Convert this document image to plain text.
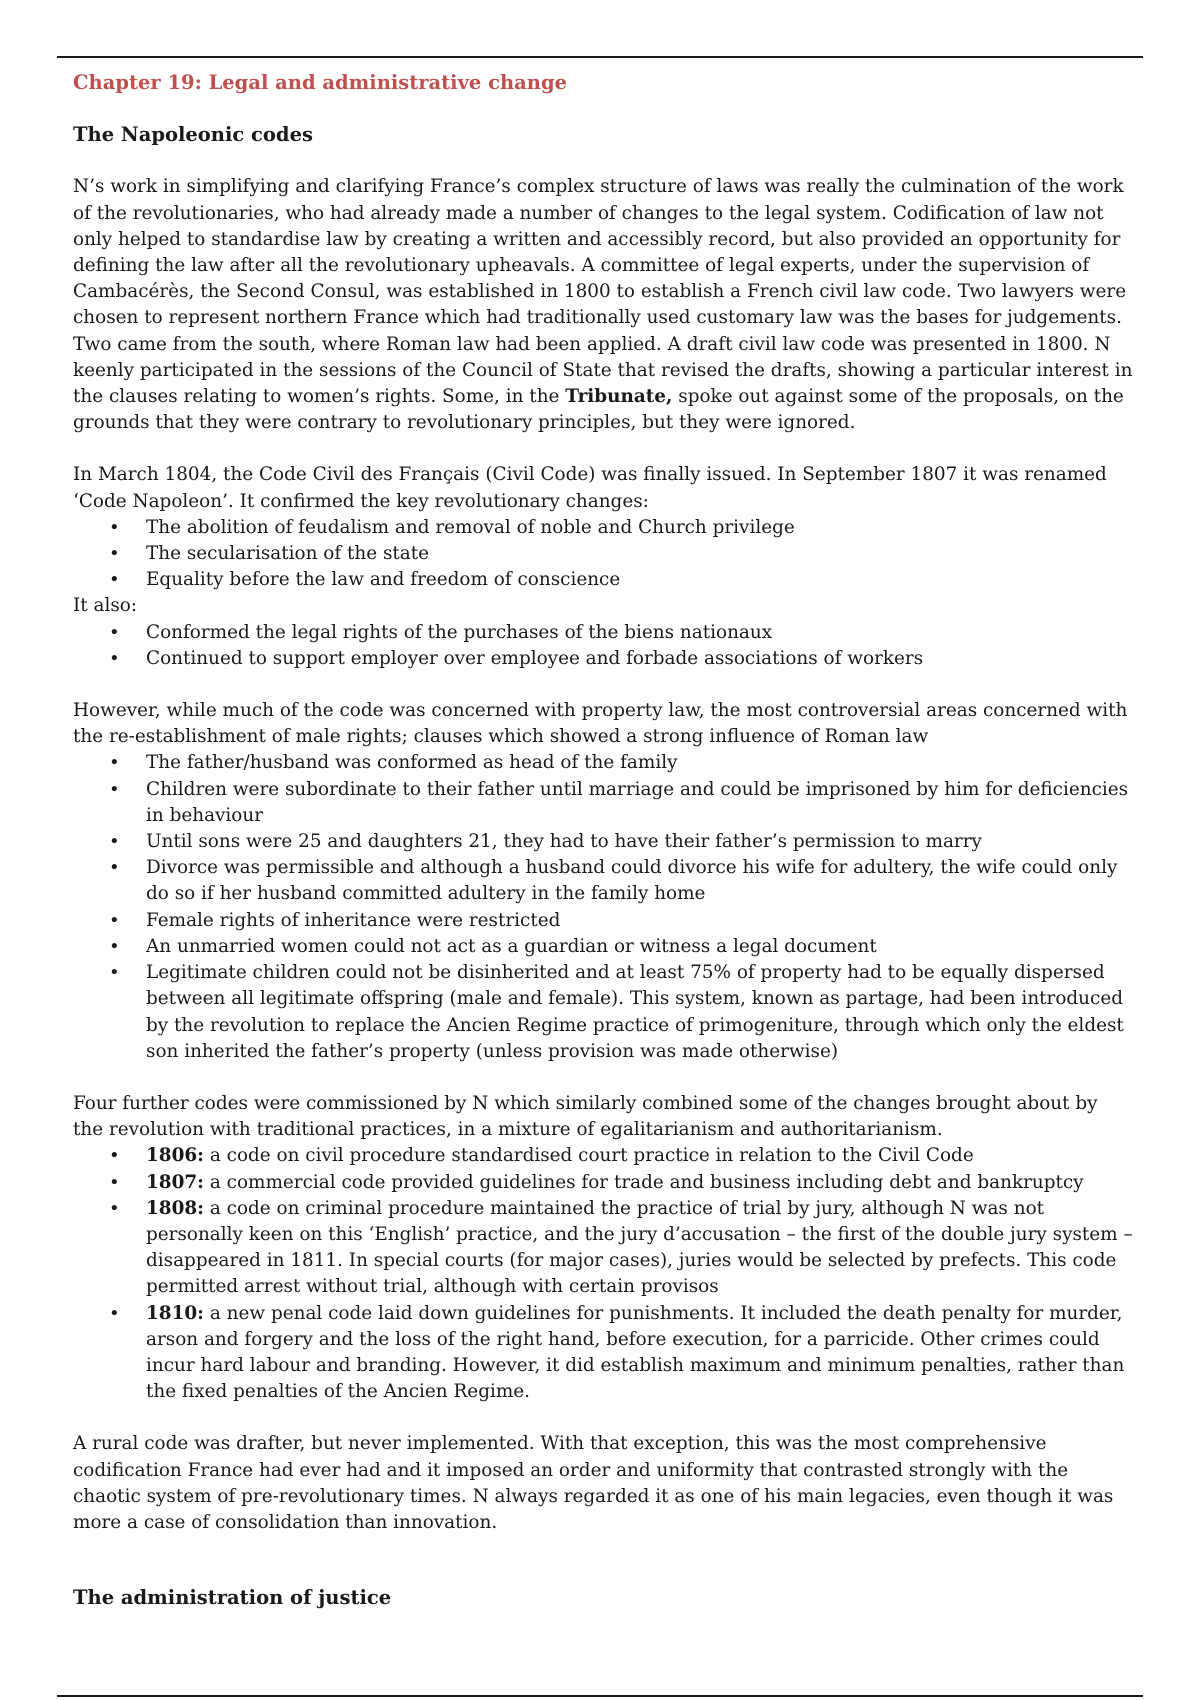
Chapter 19: Legal and administrative change
The Napoleonic codes

N’s work in simplifying and clarifying France’s complex structure of laws was really the culmination of the work of the revolutionaries, who had already made a number of changes to the legal system. Codification of law not only helped to standardise law by creating a written and accessibly record, but also provided an opportunity for defining the law after all the revolutionary upheavals. A committee of legal experts, under the supervision of Cambacérès, the Second Consul, was established in 1800 to establish a French civil law code. Two lawyers were chosen to represent northern France which had traditionally used customary law was the bases for judgements. Two came from the south, where Roman law had been applied. A draft civil law code was presented in 1800. N keenly participated in the sessions of the Council of State that revised the drafts, showing a particular interest in the clauses relating to women’s rights. Some, in the Tribunate, spoke out against some of the proposals, on the grounds that they were contrary to revolutionary principles, but they were ignored.

In March 1804, the Code Civil des Français (Civil Code) was finally issued. In September 1807 it was renamed ‘Code Napoleon’. It confirmed the key revolutionary changes:

• The abolition of feudalism and removal of noble and Church privilege
• The secularisation of the state
• Equality before the law and freedom of conscience

It also:

• Conformed the legal rights of the purchases of the biens nationaux
• Continued to support employer over employee and forbade associations of workers

However, while much of the code was concerned with property law, the most controversial areas concerned with the re-establishment of male rights; clauses which showed a strong influence of Roman law

• The father/husband was conformed as head of the family
• Children were subordinate to their father until marriage and could be imprisoned by him for deficiencies in behaviour
• Until sons were 25 and daughters 21, they had to have their father’s permission to marry
• Divorce was permissible and although a husband could divorce his wife for adultery, the wife could only do so if her husband committed adultery in the family home
• Female rights of inheritance were restricted
• An unmarried women could not act as a guardian or witness a legal document
• Legitimate children could not be disinherited and at least 75% of property had to be equally dispersed between all legitimate offspring (male and female). This system, known as partage, had been introduced by the revolution to replace the Ancien Regime practice of primogeniture, through which only the eldest son inherited the father’s property (unless provision was made otherwise)

Four further codes were commissioned by N which similarly combined some of the changes brought about by the revolution with traditional practices, in a mixture of egalitarianism and authoritarianism.

• 1806: a code on civil procedure standardised court practice in relation to the Civil Code
• 1807: a commercial code provided guidelines for trade and business including debt and bankruptcy
• 1808: a code on criminal procedure maintained the practice of trial by jury, although N was not personally keen on this ‘English’ practice, and the jury d’accusation – the first of the double jury system – disappeared in 1811. In special courts (for major cases), juries would be selected by prefects. This code permitted arrest without trial, although with certain provisos
• 1810: a new penal code laid down guidelines for punishments. It included the death penalty for murder, arson and forgery and the loss of the right hand, before execution, for a parricide. Other crimes could incur hard labour and branding. However, it did establish maximum and minimum penalties, rather than the fixed penalties of the Ancien Regime.

A rural code was drafter, but never implemented. With that exception, this was the most comprehensive codification France had ever had and it imposed an order and uniformity that contrasted strongly with the chaotic system of pre-revolutionary times. N always regarded it as one of his main legacies, even though it was more a case of consolidation than innovation.

The administration of justice
